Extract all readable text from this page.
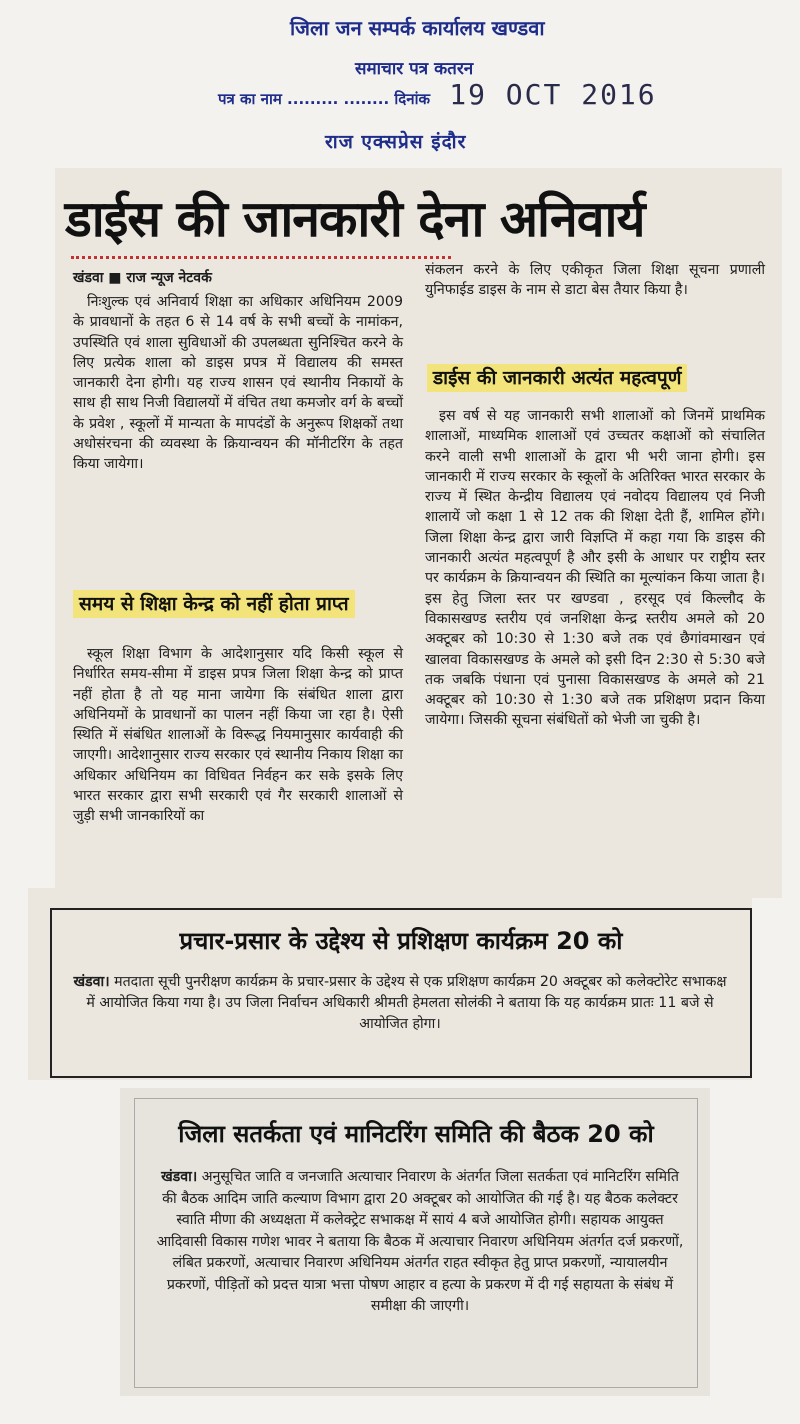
जिला जन सम्पर्क कार्यालय खण्डवा
समाचार पत्र कतरन
पत्र का नाम ......... ........ दिनांक 19 OCT 2016
राज एक्सप्रेस इंदौर
डाईस की जानकारी देना अनिवार्य
खंडवा ■ राज न्यूज नेटवर्क

निःशुल्क एवं अनिवार्य शिक्षा का अधिकार अधिनियम 2009 के प्रावधानों के तहत 6 से 14 वर्ष के सभी बच्चों के नामांकन, उपस्थिति एवं शाला सुविधाओं की उपलब्धता सुनिश्चित करने के लिए प्रत्येक शाला को डाइस प्रपत्र में विद्यालय की समस्त जानकारी देना होगी। यह राज्य शासन एवं स्थानीय निकायों के साथ ही साथ निजी विद्यालयों में वंचित तथा कमजोर वर्ग के बच्चों के प्रवेश , स्कूलों में मान्यता के मापदंडों के अनुरूप शिक्षकों तथा अधोसंरचना की व्यवस्था के क्रियान्वयन की मॉनीटरिंग के तहत किया जायेगा।

समय से शिक्षा केन्द्र को नहीं होता प्राप्त

स्कूल शिक्षा विभाग के आदेशानुसार यदि किसी स्कूल से निर्धारित समय-सीमा में डाइस प्रपत्र जिला शिक्षा केन्द्र को प्राप्त नहीं होता है तो यह माना जायेगा कि संबंधित शाला द्वारा अधिनियमों के प्रावधानों का पालन नहीं किया जा रहा है। ऐसी स्थिति में संबंधित शालाओं के विरूद्ध नियमानुसार कार्यवाही की जाएगी। आदेशानुसार राज्य सरकार एवं स्थानीय निकाय शिक्षा का अधिकार अधिनियम का विधिवत निर्वहन कर सके इसके लिए भारत सरकार द्वारा सभी सरकारी एवं गैर सरकारी शालाओं से जुड़ी सभी जानकारियों का

संकलन करने के लिए एकीकृत जिला शिक्षा सूचना प्रणाली युनिफाईड डाइस के नाम से डाटा बेस तैयार किया है।

डाईस की जानकारी अत्यंत महत्वपूर्ण

इस वर्ष से यह जानकारी सभी शालाओं को जिनमें प्राथमिक शालाओं, माध्यमिक शालाओं एवं उच्चतर कक्षाओं को संचालित करने वाली सभी शालाओं के द्वारा भी भरी जाना होगी। इस जानकारी में राज्य सरकार के स्कूलों के अतिरिक्त भारत सरकार के राज्य में स्थित केन्द्रीय विद्यालय एवं नवोदय विद्यालय एवं निजी शालायें जो कक्षा 1 से 12 तक की शिक्षा देती हैं, शामिल होंगे। जिला शिक्षा केन्द्र द्वारा जारी विज्ञप्ति में कहा गया कि डाइस की जानकारी अत्यंत महत्वपूर्ण है और इसी के आधार पर राष्ट्रीय स्तर पर कार्यक्रम के क्रियान्वयन की स्थिति का मूल्यांकन किया जाता है। इस हेतु जिला स्तर पर खण्डवा , हरसूद एवं किल्लौद के विकासखण्ड स्तरीय एवं जनशिक्षा केन्द्र स्तरीय अमले को 20 अक्टूबर को 10:30 से 1:30 बजे तक एवं छैगांवमाखन एवं खालवा विकासखण्ड के अमले को इसी दिन 2:30 से 5:30 बजे तक जबकि पंधाना एवं पुनासा विकासखण्ड के अमले को 21 अक्टूबर को 10:30 से 1:30 बजे तक प्रशिक्षण प्रदान किया जायेगा। जिसकी सूचना संबंधितों को भेजी जा चुकी है।

प्रचार-प्रसार के उद्देश्य से प्रशिक्षण कार्यक्रम 20 को
खंडवा। मतदाता सूची पुनरीक्षण कार्यक्रम के प्रचार-प्रसार के उद्देश्य से एक प्रशिक्षण कार्यक्रम 20 अक्टूबर को कलेक्टोरेट सभाकक्ष में आयोजित किया गया है। उप जिला निर्वाचन अधिकारी श्रीमती हेमलता सोलंकी ने बताया कि यह कार्यक्रम प्रातः 11 बजे से आयोजित होगा।
जिला सतर्कता एवं मानिटरिंग समिति की बैठक 20 को
खंडवा। अनुसूचित जाति व जनजाति अत्याचार निवारण के अंतर्गत जिला सतर्कता एवं मानिटरिंग समिति की बैठक आदिम जाति कल्याण विभाग द्वारा 20 अक्टूबर को आयोजित की गई है। यह बैठक कलेक्टर स्वाति मीणा की अध्यक्षता में कलेक्ट्रेट सभाकक्ष में सायं 4 बजे आयोजित होगी। सहायक आयुक्त आदिवासी विकास गणेश भावर ने बताया कि बैठक में अत्याचार निवारण अधिनियम अंतर्गत दर्ज प्रकरणों, लंबित प्रकरणों, अत्याचार निवारण अधिनियम अंतर्गत राहत स्वीकृत हेतु प्राप्त प्रकरणों, न्यायालयीन प्रकरणों, पीड़ितों को प्रदत्त यात्रा भत्ता पोषण आहार व हत्या के प्रकरण में दी गई सहायता के संबंध में समीक्षा की जाएगी।
